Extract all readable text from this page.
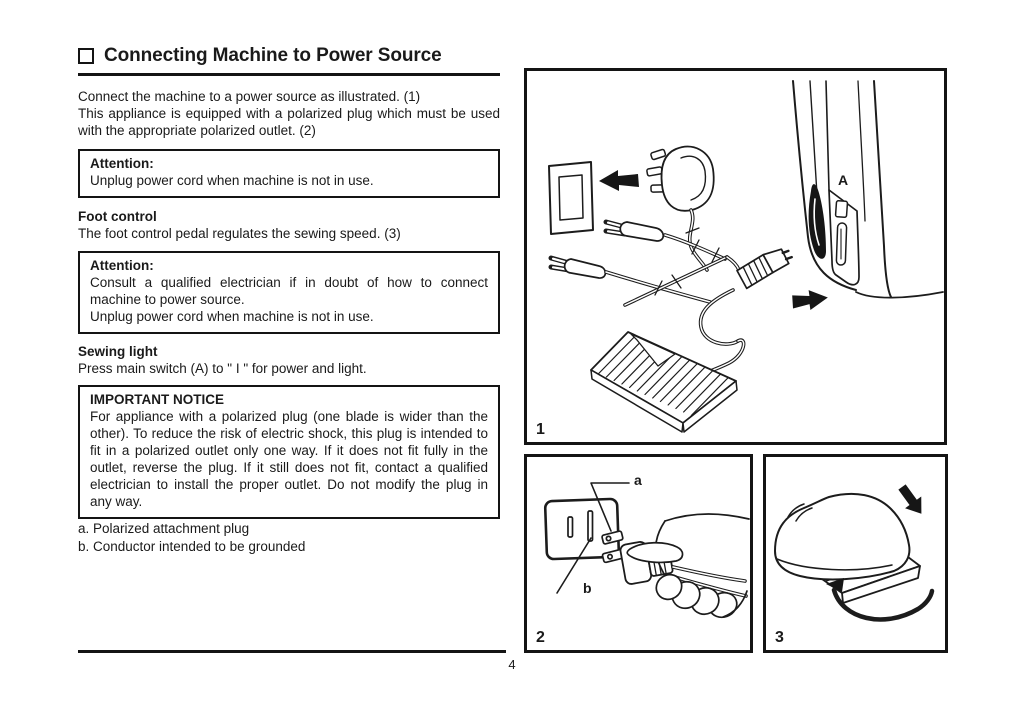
Connecting Machine to Power Source

Connect the machine to a power source as illustrated. (1)

This appliance is equipped with a polarized plug which must be used with the appropriate polarized outlet. (2)

Attention:
Unplug power cord when machine is not in use.
Foot control

The foot control pedal regulates the sewing speed. (3)

Attention:
Consult a qualified electrician if in doubt of how to connect machine to power source.
Unplug power cord when machine is not in use.
Sewing light

Press main switch (A) to " I " for power and light.

IMPORTANT NOTICE
For appliance with a polarized plug (one blade is wider than the other). To reduce the risk of electric shock, this plug is intended to fit in a polarized outlet only one way. If it does not fit fully in the outlet, reverse the plug. If it still does not fit, contact a qualified electrician to install the proper outlet. Do not modify the plug in any way.

a. Polarized attachment plug

b. Conductor intended to be grounded

A
1
a
b
2	3
4
